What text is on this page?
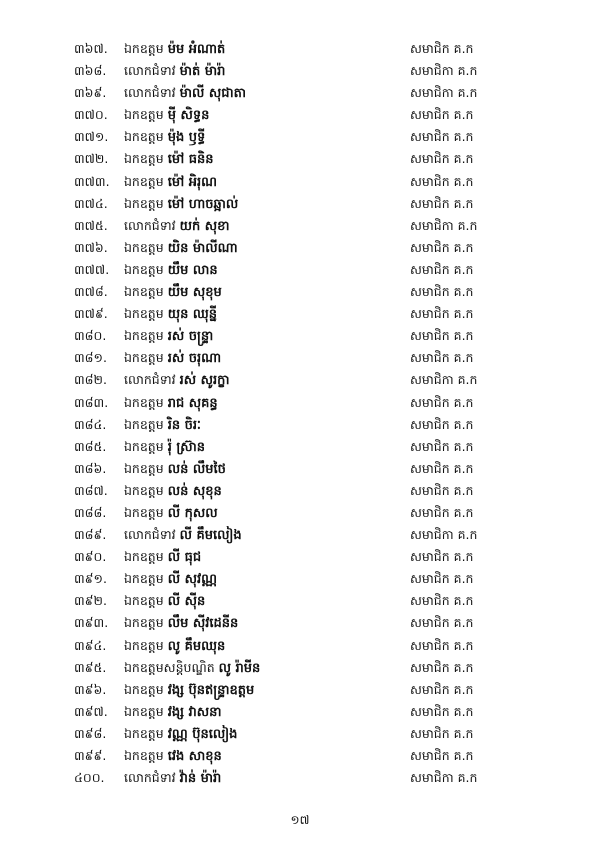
៣៦៧. ឯកឧត្តម ម៉ម អំណាត់	សមាជិក គ.ក
៣៦៨. លោកជំទាវ ម៉ាត់ ម៉ារ៉ា	សមាជិកា គ.ក
៣៦៩. លោកជំទាវ ម៉ាលី សុជាតា	សមាជិកា គ.ក
៣៧០. ឯកឧត្តម ម៉ី សិទ្ធន	សមាជិក គ.ក
៣៧១. ឯកឧត្តម ម៉ុង ឫទ្ធី	សមាជិក គ.ក
៣៧២. ឯកឧត្តម ម៉ៅ ធនិន	សមាជិក គ.ក
៣៧៣. ឯកឧត្តម ម៉ៅ អិរុណ	សមាជិក គ.ក
៣៧៤. ឯកឧត្តម ម៉ៅ ហាចឆ្អាល់	សមាជិក គ.ក
៣៧៥. លោកជំទាវ យក់ សុខា	សមាជិកា គ.ក
៣៧៦. ឯកឧត្តម យិន ម៉ាលីណា	សមាជិក គ.ក
៣៧៧. ឯកឧត្តម យឹម លាន	សមាជិក គ.ក
៣៧៨. ឯកឧត្តម យឹម សុខុម	សមាជិក គ.ក
៣៧៩. ឯកឧត្តម យុន ឈុន្នី	សមាជិក គ.ក
៣៨០. ឯកឧត្តម រស់ ចន្ទ្រា	សមាជិក គ.ក
៣៨១. ឯកឧត្តម រស់ ចរុណា	សមាជិក គ.ក
៣៨២. លោកជំទាវ រស់ សូរក្ខា	សមាជិកា គ.ក
៣៨៣. ឯកឧត្តម រាជ សុគន្ធ	សមាជិក គ.ក
៣៨៤. ឯកឧត្តម រិន ចិរៈ	សមាជិក គ.ក
៣៨៥. ឯកឧត្តម រ៉ុ ស្រ៊ាន	សមាជិក គ.ក
៣៨៦. ឯកឧត្តម លន់ លឹមថៃ	សមាជិក គ.ក
៣៨៧. ឯកឧត្តម លន់ សុខុន	សមាជិក គ.ក
៣៨៨. ឯកឧត្តម លី កុសល	សមាជិក គ.ក
៣៨៩. លោកជំទាវ លី គឹមលៀង	សមាជិកា គ.ក
៣៩០. ឯកឧត្តម លី ធុជ	សមាជិក គ.ក
៣៩១. ឯកឧត្តម លី សុវណ្ណ	សមាជិក គ.ក
៣៩២. ឯកឧត្តម លី ស៊ីន	សមាជិក គ.ក
៣៩៣. ឯកឧត្តម លឹម ស៊ីវដេនីន	សមាជិក គ.ក
៣៩៤. ឯកឧត្តម លូ គឹមឈុន	សមាជិក គ.ក
៣៩៥. ឯកឧត្តមសន្តិបណ្ឌិត លូ រ៉ាមីន	សមាជិក គ.ក
៣៩៦. ឯកឧត្តម វង្ស ប៊ុនឥន្ទ្រាឧត្តម	សមាជិក គ.ក
៣៩៧. ឯកឧត្តម វង្ស វាសនា	សមាជិក គ.ក
៣៩៨. ឯកឧត្តម វណ្ណ ប៊ុនលៀង	សមាជិក គ.ក
៣៩៩. ឯកឧត្តម វេង សាខុន	សមាជិក គ.ក
៤០០. លោកជំទាវ វ៉ាន់ ម៉ារ៉ា	សមាជិកា គ.ក
១៧
